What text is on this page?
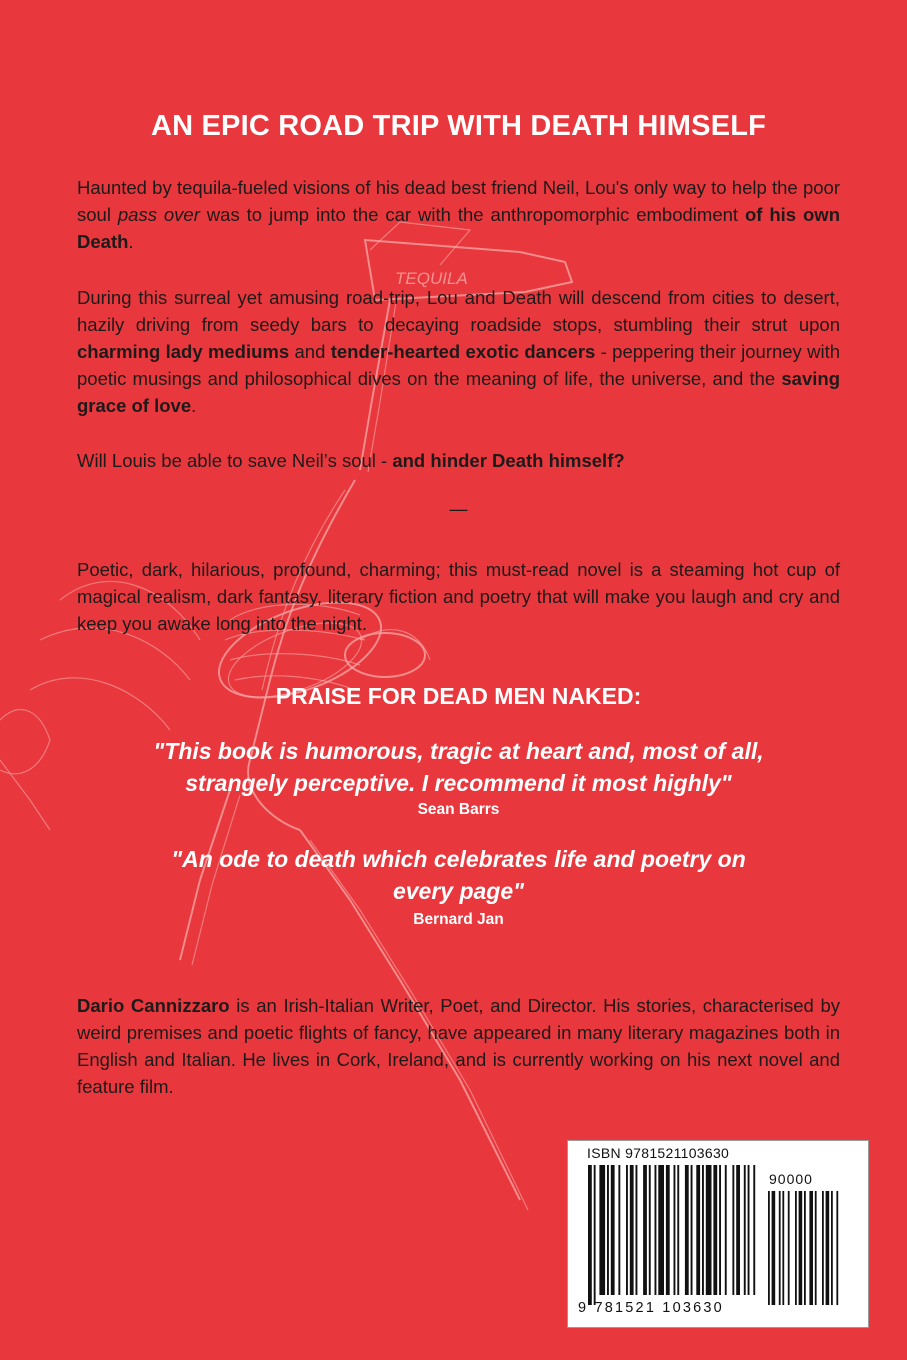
TEQUILA
AN EPIC ROAD TRIP WITH DEATH HIMSELF

Haunted by tequila-fueled visions of his dead best friend Neil, Lou's only way to help the poor soul pass over was to jump into the car with the anthropomorphic embodiment of his own Death.

During this surreal yet amusing road-trip, Lou and Death will descend from cities to desert, hazily driving from seedy bars to decaying roadside stops, stumbling their strut upon charming lady mediums and tender-hearted exotic dancers - peppering their journey with poetic musings and philosophical dives on the meaning of life, the universe, and the saving grace of love.

Will Louis be able to save Neil’s soul - and hinder Death himself?

—

Poetic, dark, hilarious, profound, charming; this must-read novel is a steaming hot cup of magical realism, dark fantasy, literary fiction and poetry that will make you laugh and cry and keep you awake long into the night.

PRAISE FOR DEAD MEN NAKED:
"This book is humorous, tragic at heart and, most of all,
strangely perceptive. I recommend it most highly"
Sean Barrs
"An ode to death which celebrates life and poetry on
every page"
Bernard Jan

Dario Cannizzaro is an Irish-Italian Writer, Poet, and Director. His stories, characterised by weird premises and poetic flights of fancy, have appeared in many literary magazines both in English and Italian. He lives in Cork, Ireland, and is currently working on his next novel and feature film.

ISBN 9781521103630
90000
9 781521 103630
